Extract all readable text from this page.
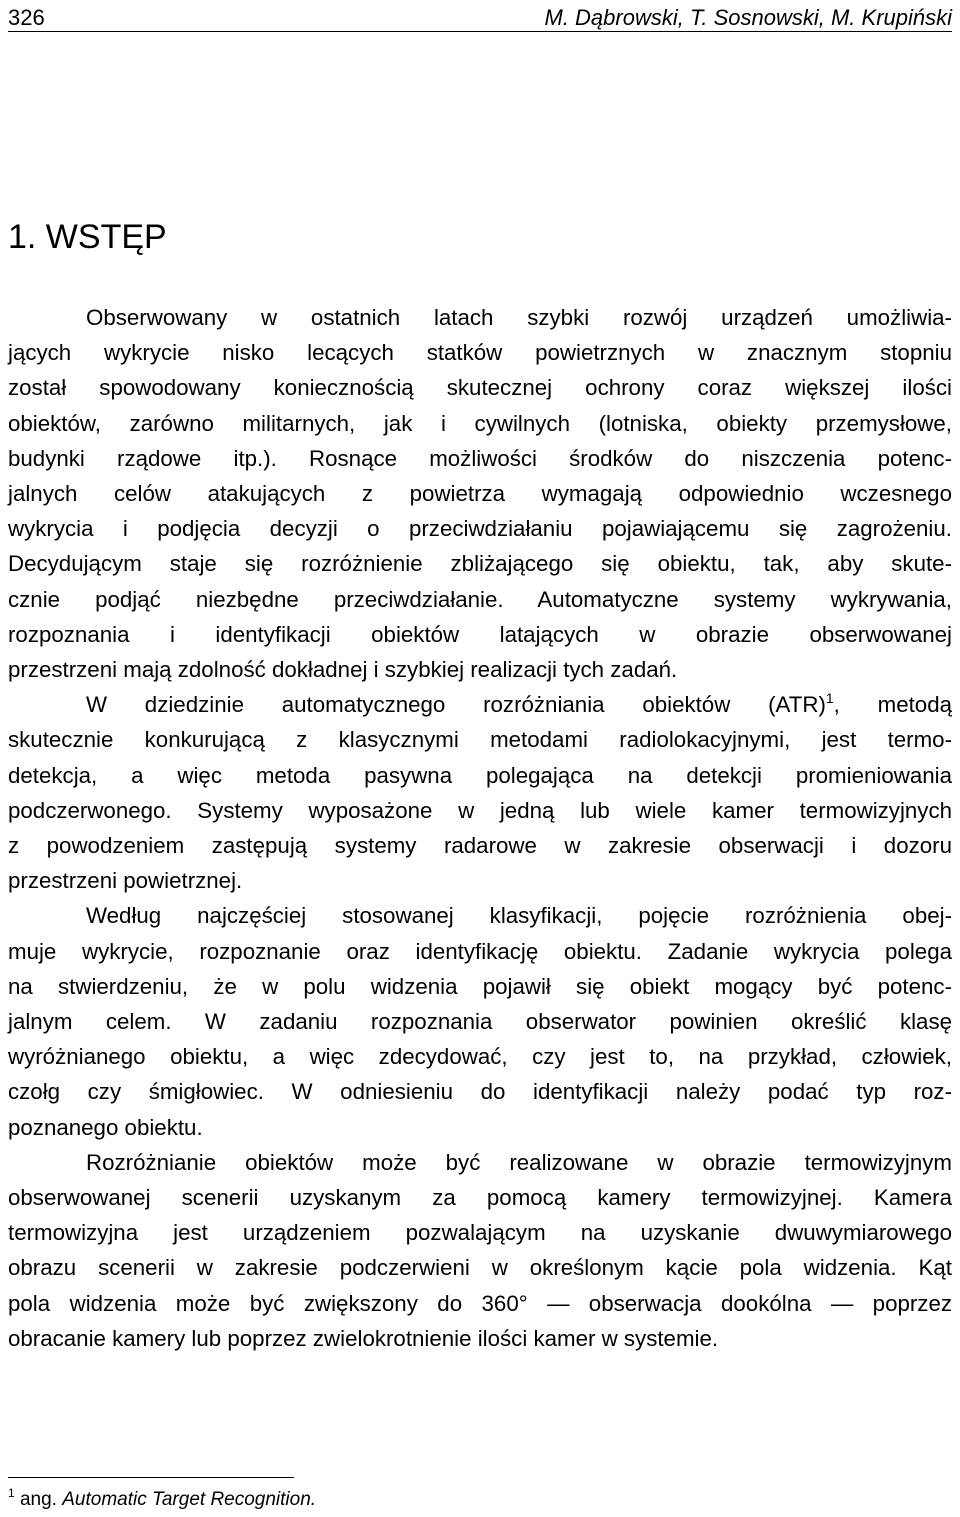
326	M. Dąbrowski, T. Sosnowski, M. Krupiński
1. WSTĘP
Obserwowany w ostatnich latach szybki rozwój urządzeń umożliwia-
jących wykrycie nisko lecących statków powietrznych w znacznym stopniu
został spowodowany koniecznością skutecznej ochrony coraz większej ilości
obiektów, zarówno militarnych, jak i cywilnych (lotniska, obiekty przemysłowe,
budynki rządowe itp.). Rosnące możliwości środków do niszczenia potenc-
jalnych celów atakujących z powietrza wymagają odpowiednio wczesnego
wykrycia i podjęcia decyzji o przeciwdziałaniu pojawiającemu się zagrożeniu.
Decydującym staje się rozróżnienie zbliżającego się obiektu, tak, aby skute-
cznie podjąć niezbędne przeciwdziałanie. Automatyczne systemy wykrywania,
rozpoznania i identyfikacji obiektów latających w obrazie obserwowanej
przestrzeni mają zdolność dokładnej i szybkiej realizacji tych zadań.
W dziedzinie automatycznego rozróżniania obiektów (ATR)$^1$, metodą
skutecznie konkurującą z klasycznymi metodami radiolokacyjnymi, jest termo-
detekcja, a więc metoda pasywna polegająca na detekcji promieniowania
podczerwonego. Systemy wyposażone w jedną lub wiele kamer termowizyjnych
z powodzeniem zastępują systemy radarowe w zakresie obserwacji i dozoru
przestrzeni powietrznej.
Według najczęściej stosowanej klasyfikacji, pojęcie rozróżnienia obej-
muje wykrycie, rozpoznanie oraz identyfikację obiektu. Zadanie wykrycia polega
na stwierdzeniu, że w polu widzenia pojawił się obiekt mogący być potenc-
jalnym celem. W zadaniu rozpoznania obserwator powinien określić klasę
wyróżnianego obiektu, a więc zdecydować, czy jest to, na przykład, człowiek,
czołg czy śmigłowiec. W odniesieniu do identyfikacji należy podać typ roz-
poznanego obiektu.
Rozróżnianie obiektów może być realizowane w obrazie termowizyjnym
obserwowanej scenerii uzyskanym za pomocą kamery termowizyjnej. Kamera
termowizyjna jest urządzeniem pozwalającym na uzyskanie dwuwymiarowego
obrazu scenerii w zakresie podczerwieni w określonym kącie pola widzenia. Kąt
pola widzenia może być zwiększony do 360° — obserwacja dookólna — poprzez
obracanie kamery lub poprzez zwielokrotnienie ilości kamer w systemie.
$^1$ ang. Automatic Target Recognition.
